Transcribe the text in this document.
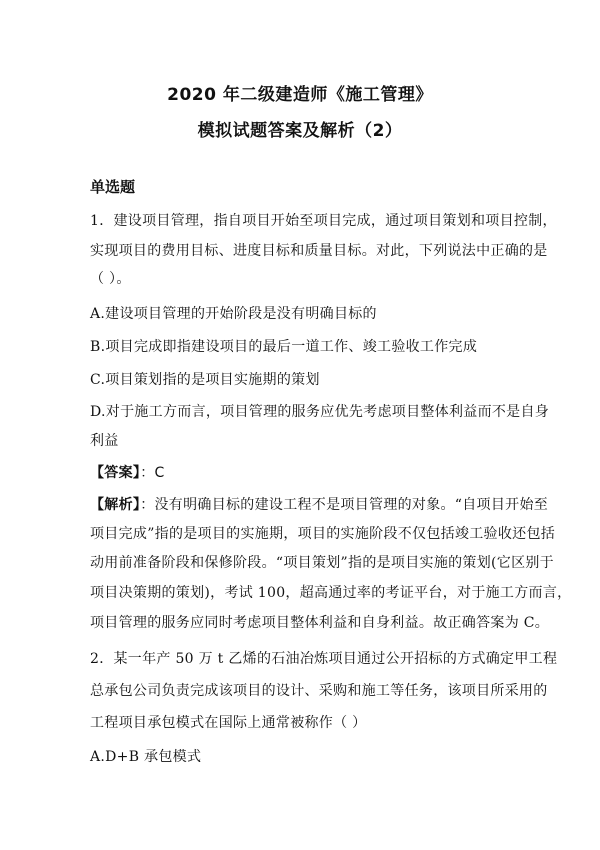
2020 年二级建造师《施工管理》
模拟试题答案及解析（2）
单选题
1．建设项目管理，指自项目开始至项目完成，通过项目策划和项目控制，
实现项目的费用目标、进度目标和质量目标。对此，下列说法中正确的是
（ ）。
A.建设项目管理的开始阶段是没有明确目标的
B.项目完成即指建设项目的最后一道工作、竣工验收工作完成
C.项目策划指的是项目实施期的策划
D.对于施工方而言，项目管理的服务应优先考虑项目整体利益而不是自身
利益
【答案】：C
【解析】：没有明确目标的建设工程不是项目管理的对象。“自项目开始至
项目完成”指的是项目的实施期，项目的实施阶段不仅包括竣工验收还包括
动用前准备阶段和保修阶段。“项目策划”指的是项目实施的策划(它区别于
项目决策期的策划)，考试 100，超高通过率的考证平台，对于施工方而言，
项目管理的服务应同时考虑项目整体利益和自身利益。故正确答案为 C。
2．某一年产 50 万 t 乙烯的石油冶炼项目通过公开招标的方式确定甲工程
总承包公司负责完成该项目的设计、采购和施工等任务，该项目所采用的
工程项目承包模式在国际上通常被称作（ ）
A.D+B 承包模式
